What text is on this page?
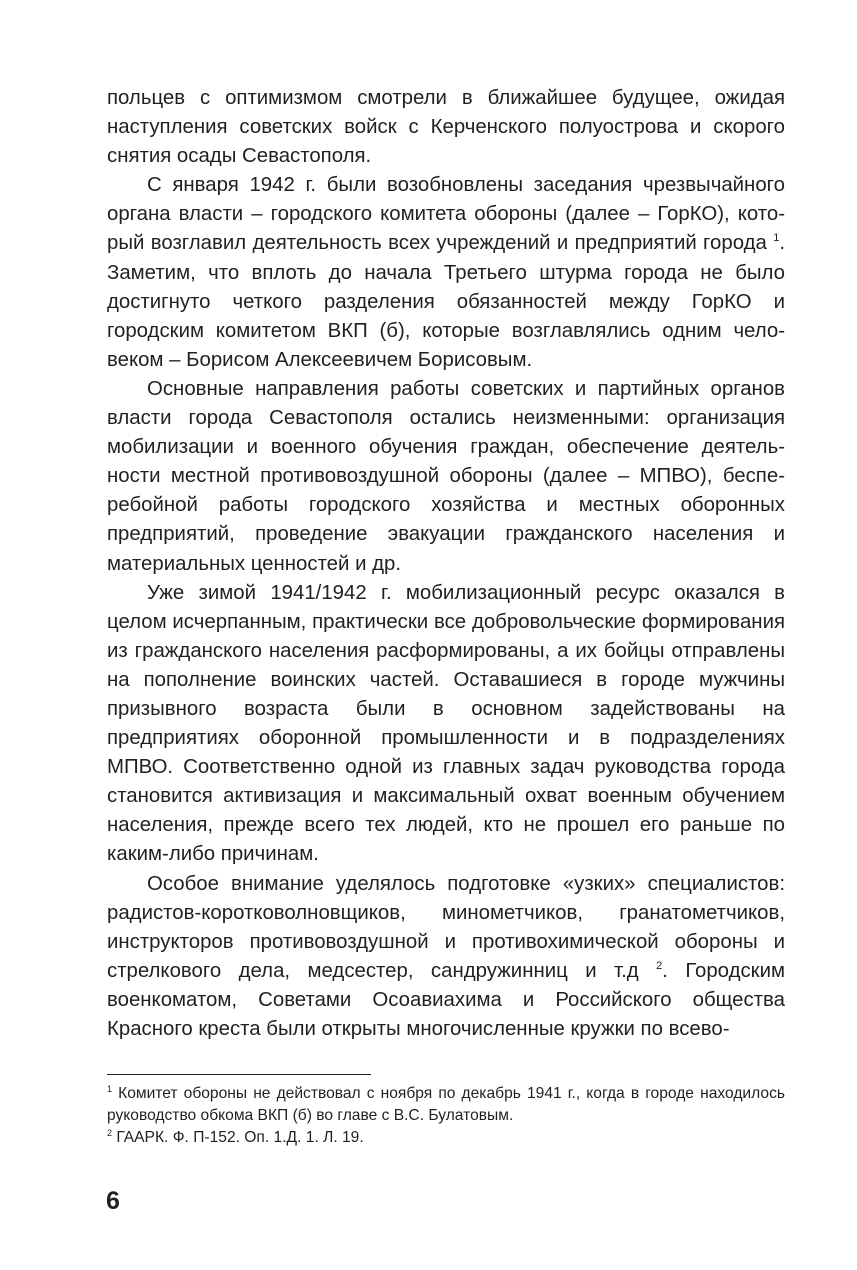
польцев с оптимизмом смотрели в ближайшее будущее, ожидая наступления советских войск с Керченского полуострова и скорого снятия осады Севастополя.

С января 1942 г. были возобновлены заседания чрезвычайного органа власти – городского комитета обороны (далее – ГорКО), который возглавил деятельность всех учреждений и предприятий города $^1$. Заметим, что вплоть до начала Третьего штурма города не было достигнуто четкого разделения обязанностей между ГорКО и городским комитетом ВКП (б), которые возглавлялись одним человеком – Борисом Алексеевичем Борисовым.

Основные направления работы советских и партийных органов власти города Севастополя остались неизменными: организация мобилизации и военного обучения граждан, обеспечение деятельности местной противовоздушной обороны (далее – МПВО), бесперебойной работы городского хозяйства и местных оборонных предприятий, проведение эвакуации гражданского населения и материальных ценностей и др.

Уже зимой 1941/1942 г. мобилизационный ресурс оказался в целом исчерпанным, практически все добровольческие формирования из гражданского населения расформированы, а их бойцы отправлены на пополнение воинских частей. Оставашиеся в городе мужчины призывного возраста были в основном задействованы на предприятиях оборонной промышленности и в подразделениях МПВО. Соответственно одной из главных задач руководства города становится активизация и максимальный охват военным обучением населения, прежде всего тех людей, кто не прошел его раньше по каким-либо причинам.

Особое внимание уделялось подготовке «узких» специалистов: радистов-коротковолновщиков, минометчиков, гранатометчиков, инструкторов противовоздушной и противохимической обороны и стрелкового дела, медсестер, сандружинниц и т.д $^2$. Городским военкоматом, Советами Осоавиахима и Российского общества Красного креста были открыты многочисленные кружки по всево-

$^1$ Комитет обороны не действовал с ноября по декабрь 1941 г., когда в городе находилось руководство обкома ВКП (б) во главе с В.С. Булатовым.

$^2$ ГААРК. Ф. П-152. Оп. 1.Д. 1. Л. 19.

6
